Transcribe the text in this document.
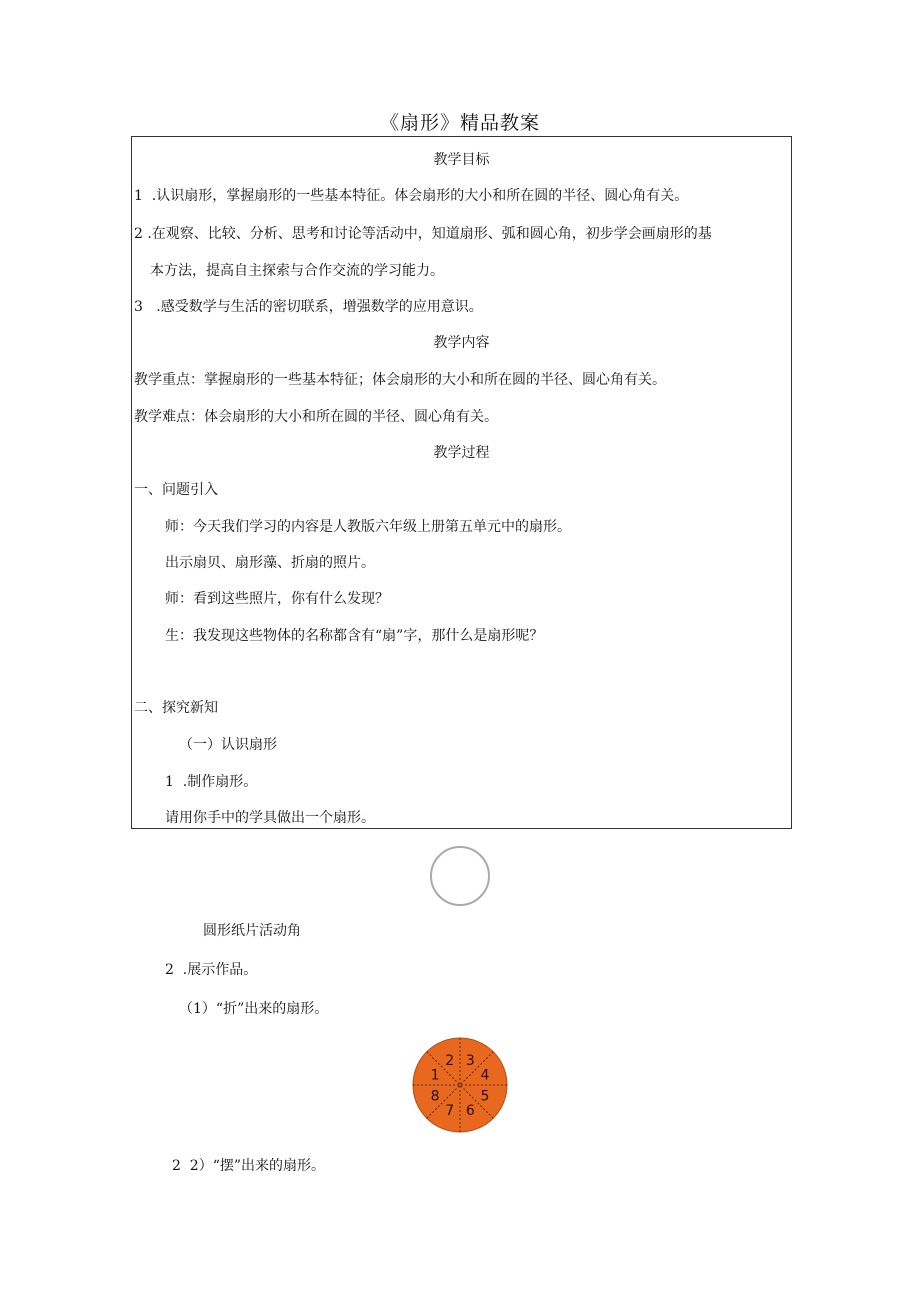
《扇形》精品教案
教学目标
1  .认识扇形，掌握扇形的一些基本特征。体会扇形的大小和所在圆的半径、圆心角有关。
2 .在观察、比较、分析、思考和讨论等活动中，知道扇形、弧和圆心角，初步学会画扇形的基
本方法，提高自主探索与合作交流的学习能力。
3   .感受数学与生活的密切联系，增强数学的应用意识。
教学内容
教学重点：掌握扇形的一些基本特征；体会扇形的大小和所在圆的半径、圆心角有关。
教学难点：体会扇形的大小和所在圆的半径、圆心角有关。
教学过程
一、问题引入
师：今天我们学习的内容是人教版六年级上册第五单元中的扇形。
出示扇贝、扇形藻、折扇的照片。
师：看到这些照片，你有什么发现？
生：我发现这些物体的名称都含有“扇”字，那什么是扇形呢？
二、探究新知
（一）认识扇形
1  .制作扇形。
请用你手中的学具做出一个扇形。
圆形纸片活动角
2  .展示作品。
（1）“折”出来的扇形。
1
2 3
4
5
6
7
8
2  2）“摆”出来的扇形。
